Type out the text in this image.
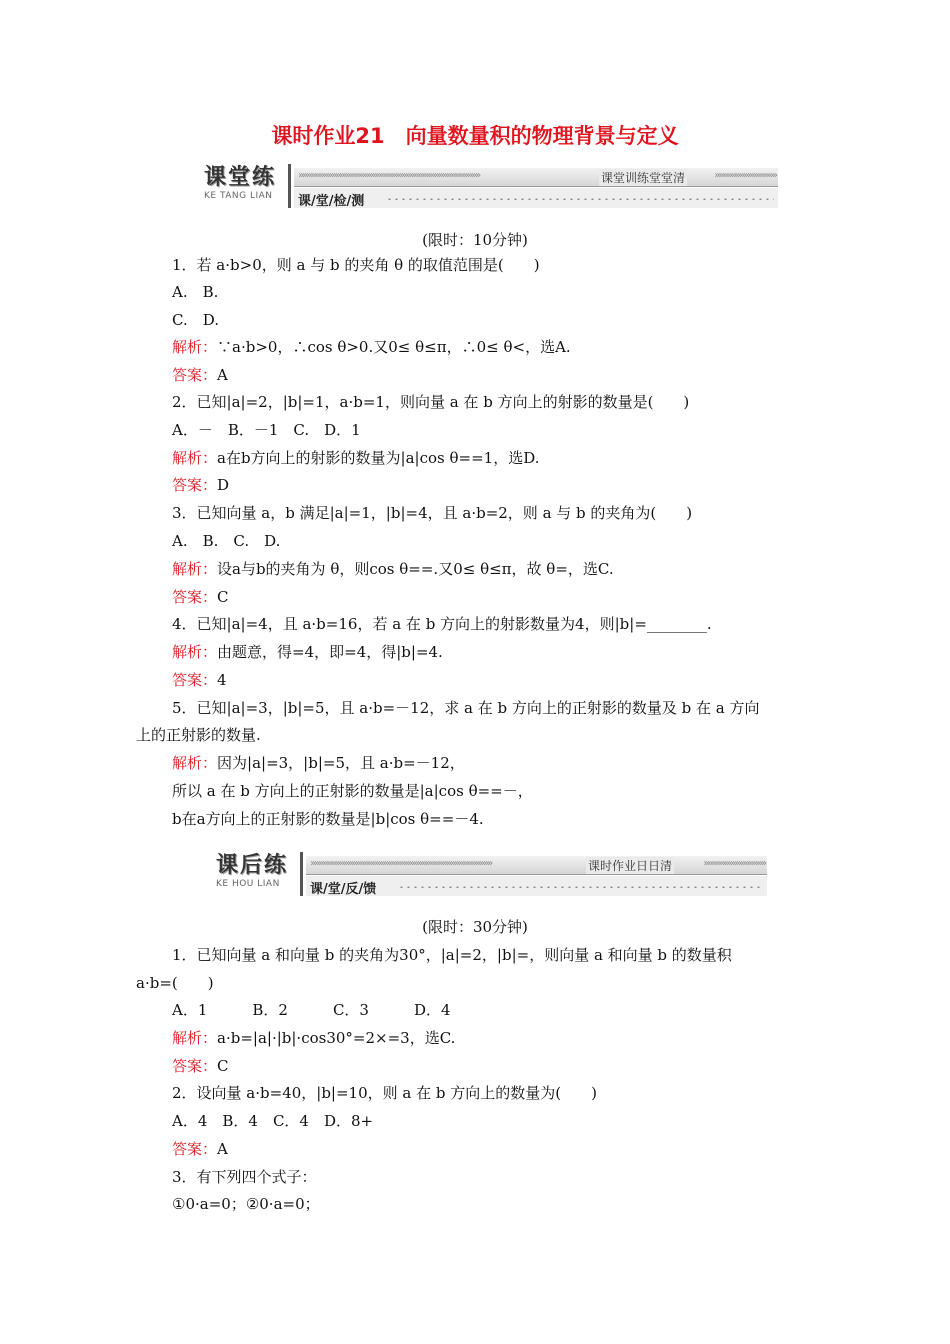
课时作业21　向量数量积的物理背景与定义
课堂练
KE TANG LIAN
»»»»»»»»»»»»»»»»»»»»»»»»»»»»»»»»»»»»»»»»»»»»	课堂训练堂堂清	»»»»»»»»»»»»»»»
课/堂/检/测
(限时：10分钟)
1．若 a·b>0，则 a 与 b 的夹角 θ 的取值范围是(　　)
A.　B.
C.　D.
解析：∵a·b>0，∴cos θ>0.又0≤ θ≤π，∴0≤ θ<，选A.
答案：A
2．已知|a|=2，|b|=1，a·b=1，则向量 a 在 b 方向上的射影的数量是(　　)
A．－　B．－1　C.　D．1
解析：a在b方向上的射影的数量为|a|cos θ==1，选D.
答案：D
3．已知向量 a，b 满足|a|=1，|b|=4，且 a·b=2，则 a 与 b 的夹角为(　　)
A.　B.　C.　D.
解析：设a与b的夹角为 θ，则cos θ==.又0≤ θ≤π，故 θ=，选C.
答案：C
4．已知|a|=4，且 a·b=16，若 a 在 b 方向上的射影数量为4，则|b|=________.
解析：由题意，得=4，即=4，得|b|=4.
答案：4
5．已知|a|=3，|b|=5，且 a·b=－12，求 a 在 b 方向上的正射影的数量及 b 在 a 方向
上的正射影的数量.
解析：因为|a|=3，|b|=5，且 a·b=－12，
所以 a 在 b 方向上的正射影的数量是|a|cos θ==－，
b在a方向上的正射影的数量是|b|cos θ==－4.
课后练
KE HOU LIAN
»»»»»»»»»»»»»»»»»»»»»»»»»»»»»»»»»»»»»»»»»»»»	课时作业日日清	»»»»»»»»»»»»»»»
课/堂/反/馈
(限时：30分钟)
1．已知向量 a 和向量 b 的夹角为30°，|a|=2，|b|=，则向量 a 和向量 b 的数量积
a·b=(　　)
A．1　　　B．2　　　C．3　　　D．4
解析：a·b=|a|·|b|·cos30°=2×=3，选C.
答案：C
2．设向量 a·b=40，|b|=10，则 a 在 b 方向上的数量为(　　)
A．4　B．4　C．4　D．8+
答案：A
3．有下列四个式子：
①0·a=0；②0·a=0；
